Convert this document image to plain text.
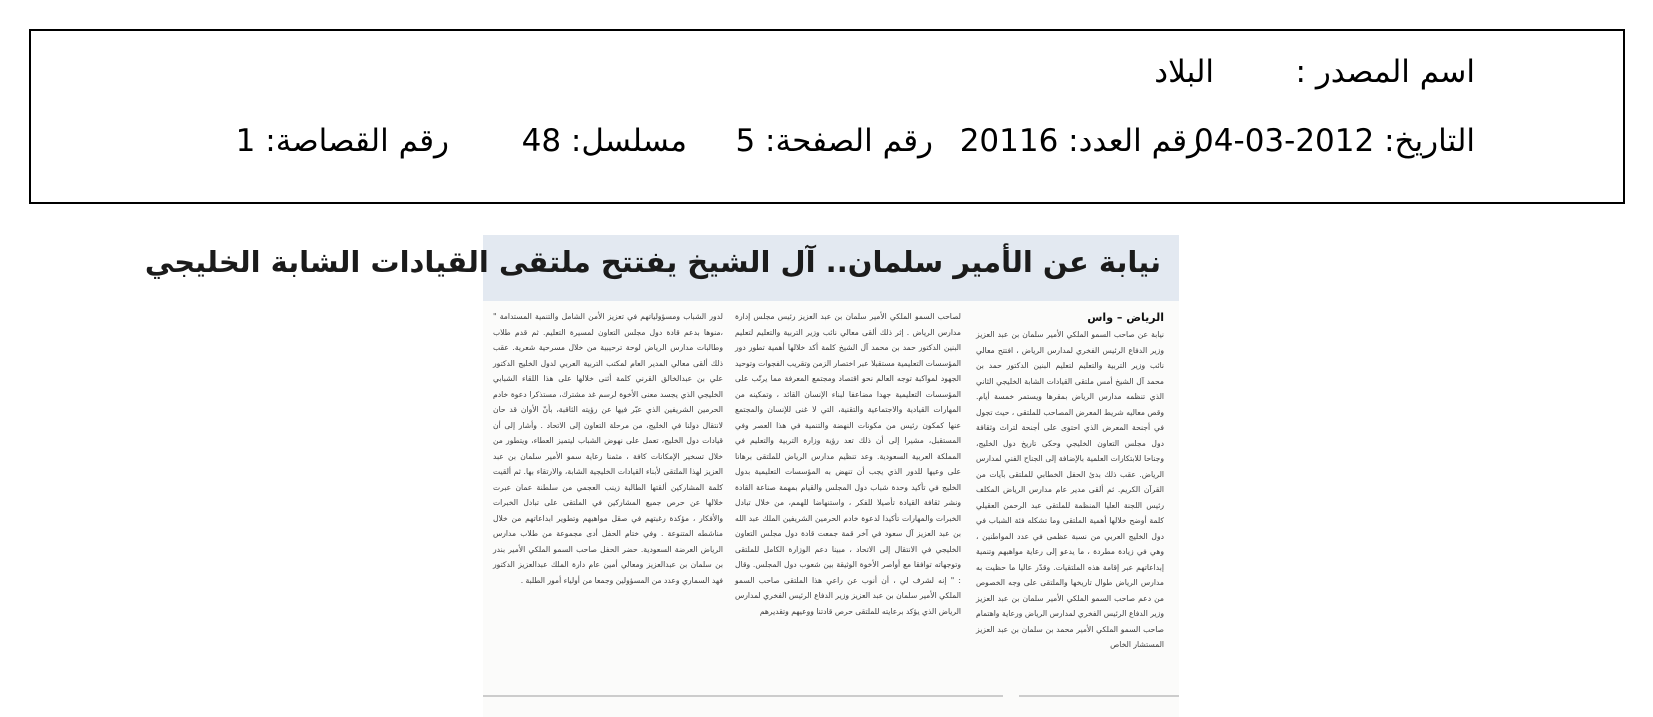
اسم المصدر :
البلاد
التاريخ: 2012-03-04
رقم العدد: 20116
رقم الصفحة: 5
مسلسل: 48
رقم القصاصة: 1
نيابة عن الأمير سلمان.. آل الشيخ يفتتح ملتقى القيادات الشابة الخليجي
الرياض – واس
نيابة عن صاحب السمو الملكي الأمير سلمان بن عبد العزيز وزير الدفاع الرئيس الفخري لمدارس الرياض ، افتتح معالي نائب وزير التربية والتعليم لتعليم البنين الدكتور حمد بن محمد آل الشيخ أمس ملتقى القيادات الشابة الخليجي الثاني الذي تنظمه مدارس الرياض بمقرها ويستمر خمسة أيام. وقص معاليه شريط المعرض المصاحب للملتقى ، حيث تجول في أجنحة المعرض الذي احتوى على أجنحة لتراث وثقافة دول مجلس التعاون الخليجي وحكى تاريخ دول الخليج، وجناحا للابتكارات العلمية بالإضافة إلى الجناح الفني لمدارس الرياض. عقب ذلك بدئ الحفل الخطابي للملتقى بآيات من القرآن الكريم. ثم ألقى مدير عام مدارس الرياض المكلف رئيس اللجنة العليا المنظمة للملتقى عبد الرحمن العقيلي كلمة أوضح خلالها أهمية الملتقى وما تشكله فئة الشباب في دول الخليج العربي من نسبة عظمى في عدد المواطنين ، وهي في زيادة مطردة ، ما يدعو إلى رعاية مواهبهم وتنمية إبداعاتهم عبر إقامة هذه الملتقيات. وقدّر عاليا ما حظيت به مدارس الرياض طوال تاريخها والملتقى على وجه الخصوص من دعم صاحب السمو الملكي الأمير سلمان بن عبد العزيز وزير الدفاع الرئيس الفخري لمدارس الرياض ورعاية واهتمام صاحب السمو الملكي الأمير محمد بن سلمان بن عبد العزيز المستشار الخاص
لصاحب السمو الملكي الأمير سلمان بن عبد العزيز رئيس مجلس إدارة مدارس الرياض . إثر ذلك ألقى معالي نائب وزير التربية والتعليم لتعليم البنين الدكتور حمد بن محمد آل الشيخ كلمة أكد خلالها أهمية تطور دور المؤسسات التعليمية مستقبلا عبر اختصار الزمن وتقريب الفجوات وتوحيد الجهود لمواكبة توجه العالم نحو اقتصاد ومجتمع المعرفة مما يرتّب على المؤسسات التعليمية جهدا مضاعفا لبناء الإنسان القائد ، وتمكينه من المهارات القيادية والاجتماعية والتقنية، التي لا غنى للإنسان والمجتمع عنها كمكون رئيس من مكونات النهضة والتنمية في هذا العصر وفي المستقبل، مشيرا إلى أن ذلك تعد رؤية وزارة التربية والتعليم في المملكة العربية السعودية. وعد تنظيم مدارس الرياض للملتقى برهانا على وعيها للدور الذي يجب أن تنهض به المؤسسات التعليمية بدول الخليج في تأكيد وحدة شباب دول المجلس والقيام بمهمة صناعة القادة ونشر ثقافة القيادة تأصيلا للفكر ، واستنهاضا للهمم، من خلال تبادل الخبرات والمهارات تأكيدا لدعوة خادم الحرمين الشريفين الملك عبد الله بن عبد العزيز آل سعود في آخر قمة جمعت قادة دول مجلس التعاون الخليجي في الانتقال إلى الاتحاد ، مبينا دعم الوزارة الكامل للملتقى وتوجهاته توافقا مع أواصر الأخوة الوثيقة بين شعوب دول المجلس. وقال : " إنه لشرف لي ، أن أنوب عن راعي هذا الملتقى صاحب السمو الملكي الأمير سلمان بن عبد العزيز وزير الدفاع الرئيس الفخري لمدارس الرياض الذي يؤكد برعايته للملتقى حرص قادتنا ووعيهم وتقديرهم
لدور الشباب ومسؤولياتهم في تعزيز الأمن الشامل والتنمية المستدامة " ،منوها بدعم قادة دول مجلس التعاون لمسيرة التعليم. ثم قدم طلاب وطالبات مدارس الرياض لوحة ترحيبية من خلال مسرحية شعرية. عقب ذلك ألقى معالي المدير العام لمكتب التربية العربي لدول الخليج الدكتور علي بن عبدالخالق القرني كلمة أثنى خلالها على هذا اللقاء الشبابي الخليجي الذي يجسد معنى الأخوة لرسم غد مشترك، مستذكرا دعوة خادم الحرمين الشريفين الذي عبّر فيها عن رؤيته الثاقبة، بأنّ الأوان قد حان لانتقال دولنا في الخليج، من مرحلة التعاون إلى الاتحاد . وأشار إلى أن قيادات دول الخليج، تعمل على نهوض الشباب ليتميز العطاء، ويتطور من خلال تسخير الإمكانات كافة ، مثمنا رعاية سمو الأمير سلمان بن عبد العزيز لهذا الملتقى لأبناء القيادات الخليجية الشابة، والارتقاء بها. ثم ألقيت كلمة المشاركين ألقتها الطالبة زينب العجمي من سلطنة عمان عبرت خلالها عن حرص جميع المشاركين في الملتقى على تبادل الخبرات والأفكار ، مؤكدة رغبتهم في صقل مواهبهم وتطوير ابداعاتهم من خلال مناشطه المتنوعة . وفي ختام الحفل أدى مجموعة من طلاب مدارس الرياض العرضة السعودية. حضر الحفل صاحب السمو الملكي الأمير بندر بن سلمان بن عبدالعزيز ومعالي أمين عام دارة الملك عبدالعزيز الدكتور فهد السماري وعدد من المسؤولين وجمعا من أولياء أمور الطلبة .
